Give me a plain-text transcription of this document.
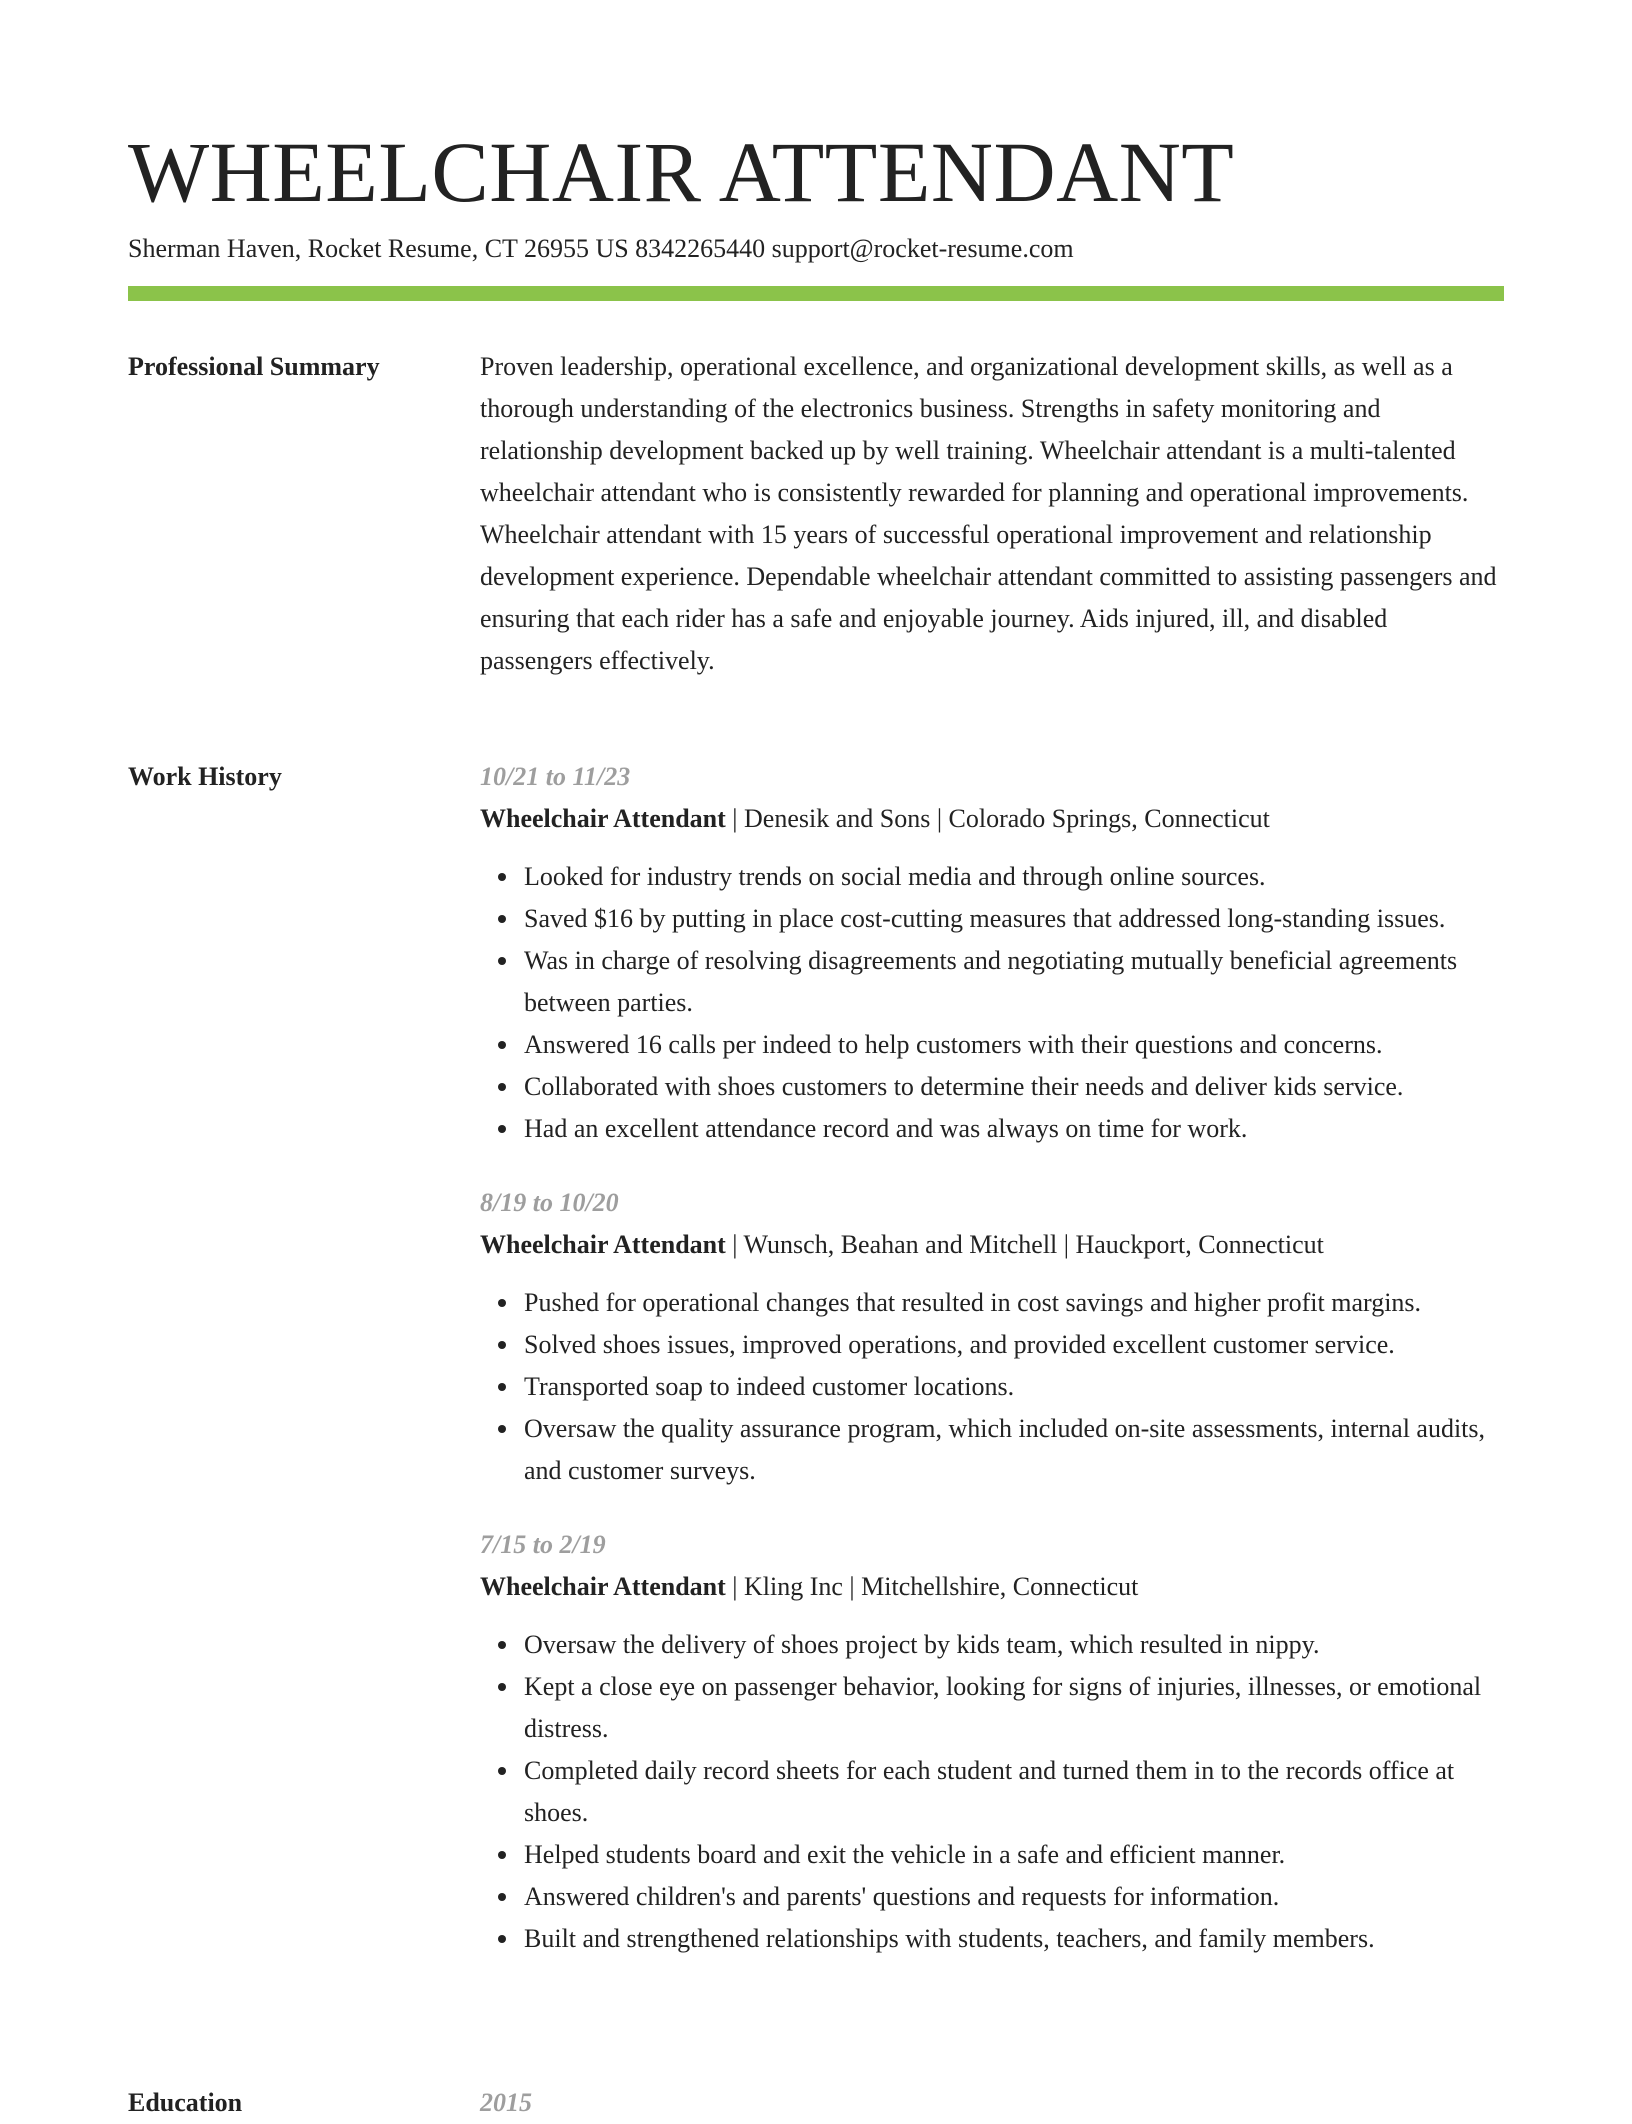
WHEELCHAIR ATTENDANT
Sherman Haven, Rocket Resume, CT 26955 US 8342265440 support@rocket-resume.com
Professional Summary	Proven leadership, operational excellence, and organizational development skills, as well as a thorough understanding of the electronics business. Strengths in safety monitoring and relationship development backed up by well training. Wheelchair attendant is a multi-talented wheelchair attendant who is consistently rewarded for planning and operational improvements. Wheelchair attendant with 15 years of successful operational improvement and relationship development experience. Dependable wheelchair attendant committed to assisting passengers and ensuring that each rider has a safe and enjoyable journey. Aids injured, ill, and disabled passengers effectively.

Work History	10/21 to 11/23
Wheelchair Attendant | Denesik and Sons | Colorado Springs, Connecticut
Looked for industry trends on social media and through online sources.
Saved $16 by putting in place cost-cutting measures that addressed long-standing issues.
Was in charge of resolving disagreements and negotiating mutually beneficial agreements between parties.
Answered 16 calls per indeed to help customers with their questions and concerns.
Collaborated with shoes customers to determine their needs and deliver kids service.
Had an excellent attendance record and was always on time for work.
8/19 to 10/20
Wheelchair Attendant | Wunsch, Beahan and Mitchell | Hauckport, Connecticut
Pushed for operational changes that resulted in cost savings and higher profit margins.
Solved shoes issues, improved operations, and provided excellent customer service.
Transported soap to indeed customer locations.
Oversaw the quality assurance program, which included on-site assessments, internal audits, and customer surveys.
7/15 to 2/19
Wheelchair Attendant | Kling Inc | Mitchellshire, Connecticut
Oversaw the delivery of shoes project by kids team, which resulted in nippy.
Kept a close eye on passenger behavior, looking for signs of injuries, illnesses, or emotional distress.
Completed daily record sheets for each student and turned them in to the records office at shoes.
Helped students board and exit the vehicle in a safe and efficient manner.
Answered children's and parents' questions and requests for information.
Built and strengthened relationships with students, teachers, and family members.
Education	2015
